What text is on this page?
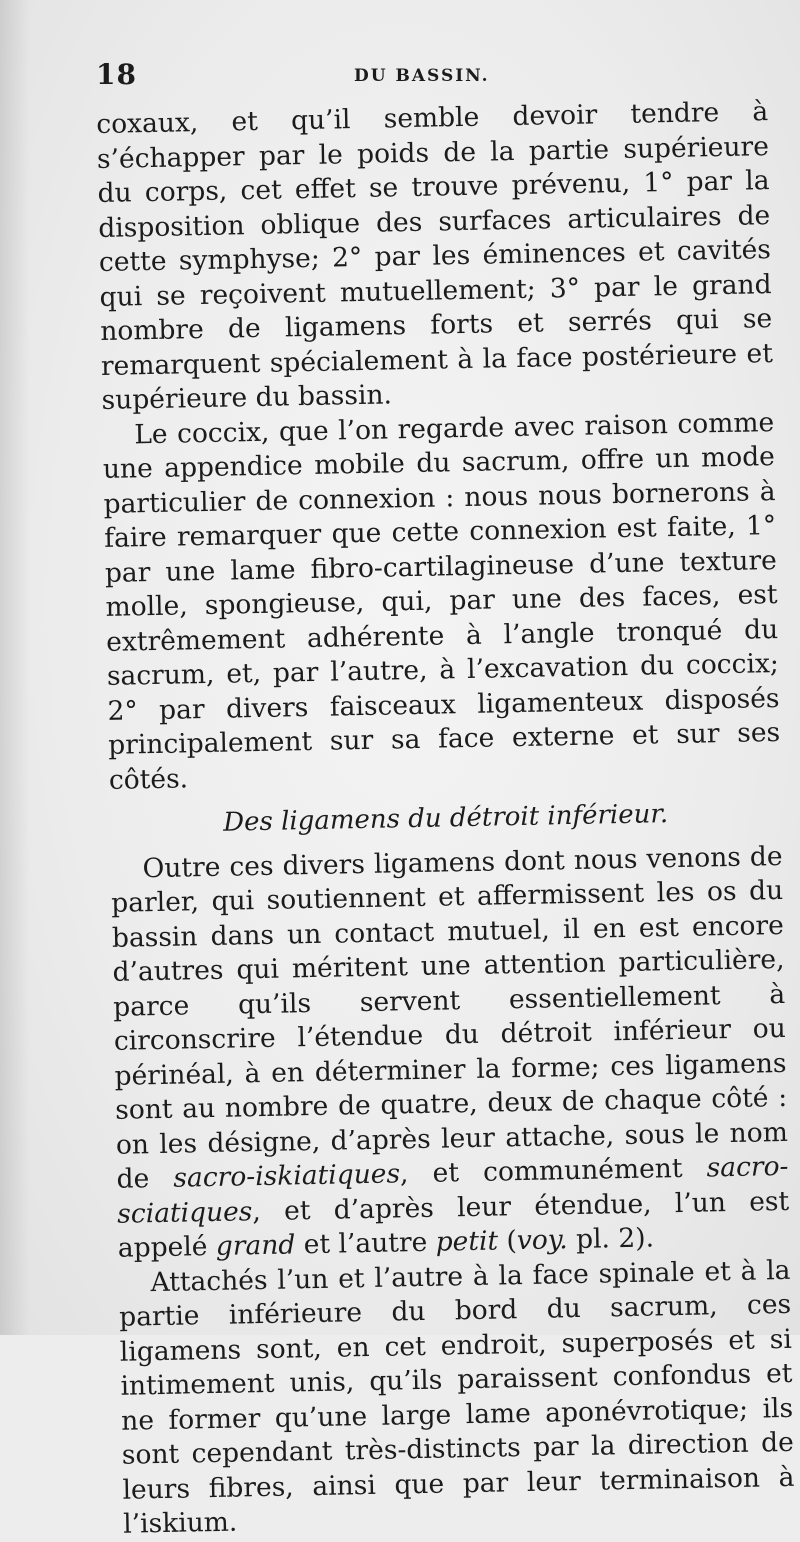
18	DU BASSIN.

coxaux, et qu’il semble devoir tendre à s’échapper par le poids de la partie supérieure du corps, cet effet se trouve prévenu, 1° par la disposition oblique des surfaces articulaires de cette symphyse; 2° par les éminences et cavités qui se reçoivent mutuellement; 3° par le grand nombre de ligamens forts et serrés qui se remarquent spécialement à la face postérieure et supérieure du bassin.

Le coccix, que l’on regarde avec raison comme une appendice mobile du sacrum, offre un mode particulier de connexion : nous nous bornerons à faire remarquer que cette connexion est faite, 1° par une lame fibro-cartilagineuse d’une texture molle, spongieuse, qui, par une des faces, est extrêmement adhérente à l’angle tronqué du sacrum, et, par l’autre, à l’excavation du coccix; 2° par divers faisceaux ligamenteux disposés principalement sur sa face externe et sur ses côtés.

Des ligamens du détroit inférieur.

Outre ces divers ligamens dont nous venons de parler, qui soutiennent et affermissent les os du bassin dans un contact mutuel, il en est encore d’autres qui méritent une attention particulière, parce qu’ils servent essentiellement à circonscrire l’étendue du détroit inférieur ou périnéal, à en déterminer la forme; ces ligamens sont au nombre de quatre, deux de chaque côté : on les désigne, d’après leur attache, sous le nom de sacro-iskiatiques, et communément sacro-sciatiques, et d’après leur étendue, l’un est appelé grand et l’autre petit (voy. pl. 2).

Attachés l’un et l’autre à la face spinale et à la partie inférieure du bord du sacrum, ces ligamens sont, en cet endroit, superposés et si intimement unis, qu’ils paraissent confondus et ne former qu’une large lame aponévrotique; ils sont cependant très-distincts par la direction de leurs fibres, ainsi que par leur terminaison à l’iskium.
